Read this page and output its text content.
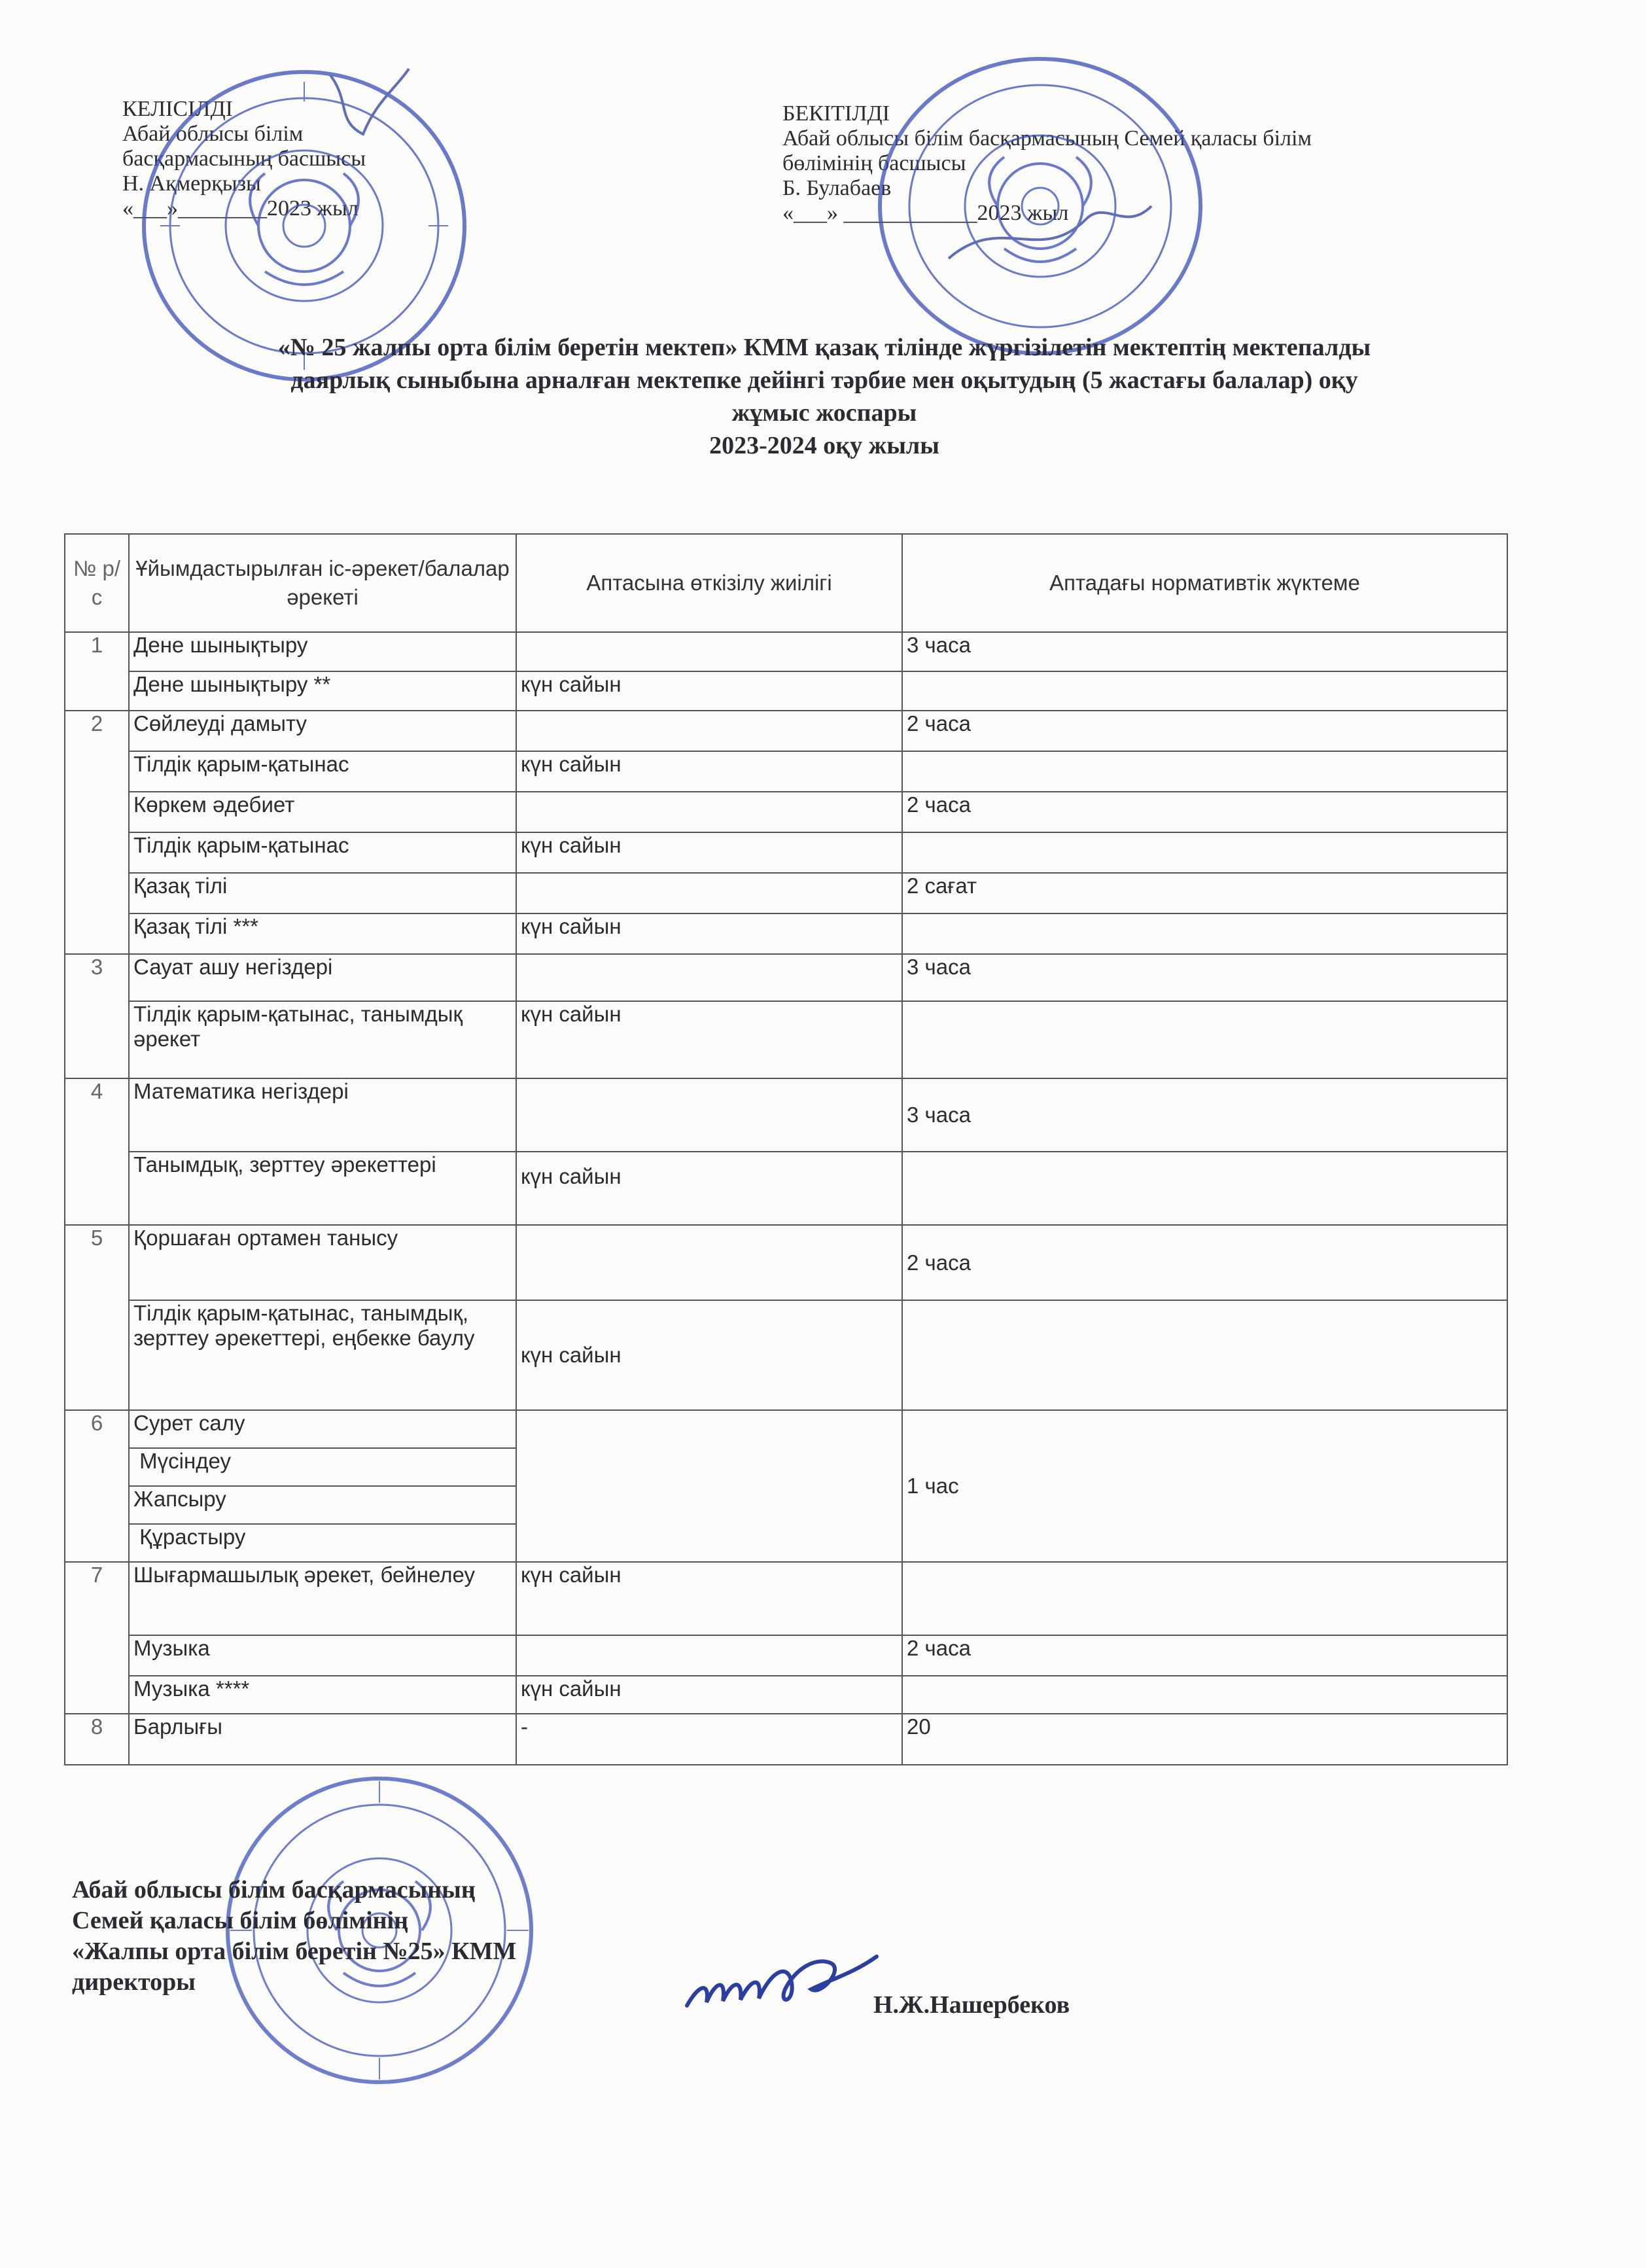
КЕЛІСІЛДІ
Абай облысы білім
басқармасының басшысы
Н. Ақмерқызы
«___»________2023 жыл
БЕКІТІЛДІ
Абай облысы білім басқармасының Семей қаласы білім
бөлімінің басшысы
Б. Булабаев
«___» ____________2023 жыл
«№ 25 жалпы орта білім беретін мектеп» КММ қазақ тілінде жүргізілетін мектептің мектепалды
даярлық сыныбына арналған мектепке дейінгі тәрбие мен оқытудың (5 жастағы балалар) оқу
жұмыс жоспары
2023-2024 оқу жылы
№ р/с	Ұйымдастырылған іс-әрекет/балалар әрекеті	Аптасына өткізілу жиілігі	Аптадағы нормативтік жүктеме
1	Дене шынықтыру		3 часа
	Дене шынықтыру **	күн сайын	
2	Сөйлеуді дамыту		2 часа
	Тілдік қарым-қатынас	күн сайын	
	Көркем әдебиет		2 часа
	Тілдік қарым-қатынас	күн сайын	
	Қазақ тілі		2 сағат
	Қазақ тілі ***	күн сайын	
3	Сауат ашу негіздері		3 часа
	Тілдік қарым-қатынас, танымдық әрекет	күн сайын	
4	Математика негіздері		3 часа
	Танымдық, зерттеу әрекеттері	күн сайын	
5	Қоршаған ортамен танысу		2 часа
	Тілдік қарым-қатынас, танымдық, зерттеу әрекеттері, еңбекке баулу	күн сайын	
6	Сурет салу		1 час
	Мүсіндеу		
	Жапсыру		
	Құрастыру		
7	Шығармашылық әрекет, бейнелеу	күн сайын	
	Музыка		2 часа
	Музыка ****	күн сайын	
8	Барлығы	-	20
Абай облысы білім басқармасының
Семей қаласы білім бөлімінің
«Жалпы орта білім беретін №25» КММ
директоры
Н.Ж.Нашербеков
